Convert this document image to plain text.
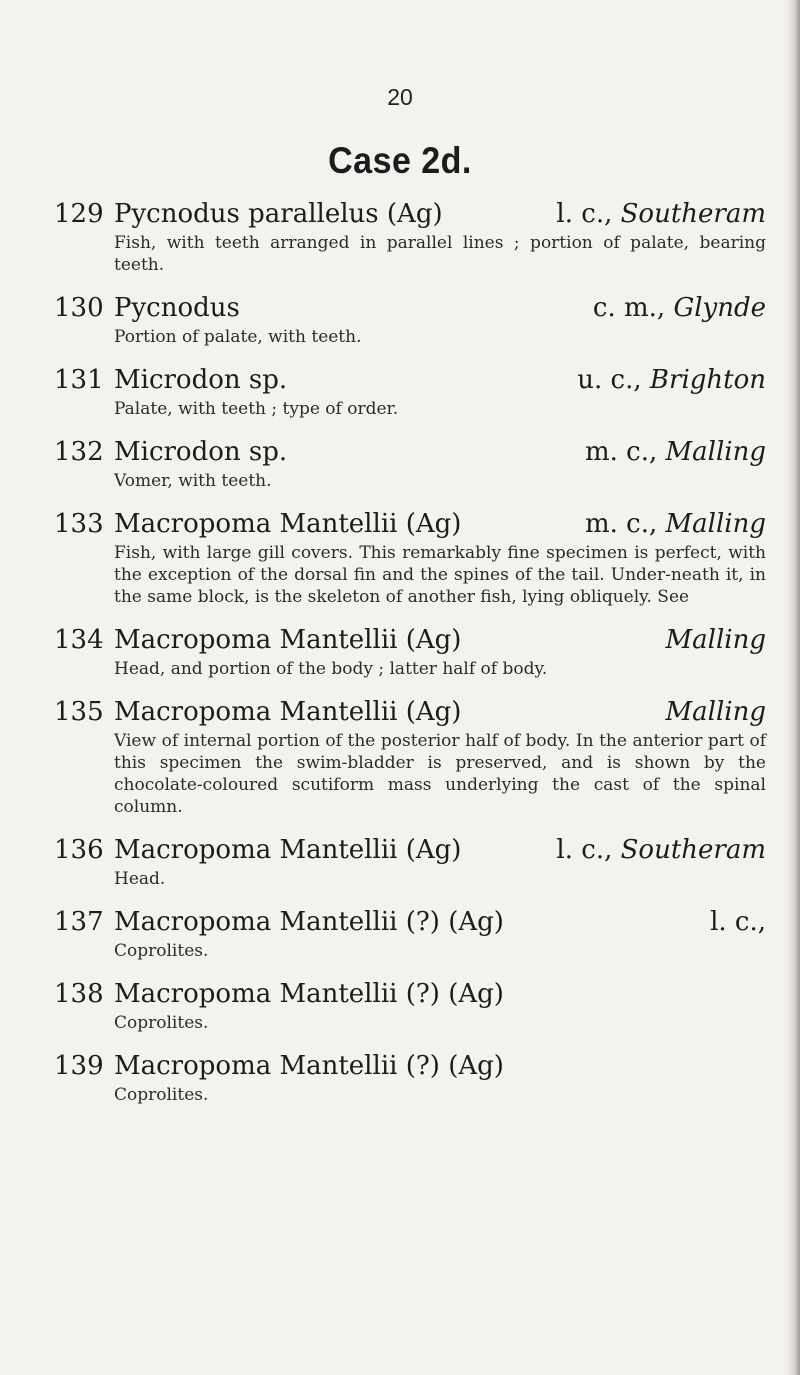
20
Case 2d.
129 Pycnodus parallelus (Ag)	l. c., Southeram
Fish, with teeth arranged in parallel lines ; portion of palate, bearing teeth.
130 Pycnodus	c. m., Glynde
Portion of palate, with teeth.
131 Microdon sp.	u. c., Brighton
Palate, with teeth ; type of order.
132 Microdon sp.	m. c., Malling
Vomer, with teeth.
133 Macropoma Mantellii (Ag)	m. c., Malling
Fish, with large gill covers. This remarkably fine specimen is perfect, with the exception of the dorsal fin and the spines of the tail. Under-neath it, in the same block, is the skeleton of another fish, lying obliquely. See
134 Macropoma Mantellii (Ag)	Malling
Head, and portion of the body ; latter half of body.
135 Macropoma Mantellii (Ag)	Malling
View of internal portion of the posterior half of body. In the anterior part of this specimen the swim-bladder is preserved, and is shown by the chocolate-coloured scutiform mass underlying the cast of the spinal column.
136 Macropoma Mantellii (Ag)	l. c., Southeram
Head.
137 Macropoma Mantellii (?) (Ag)	l. c.,
Coprolites.
138 Macropoma Mantellii (?) (Ag)
Coprolites.
139 Macropoma Mantellii (?) (Ag)
Coprolites.
